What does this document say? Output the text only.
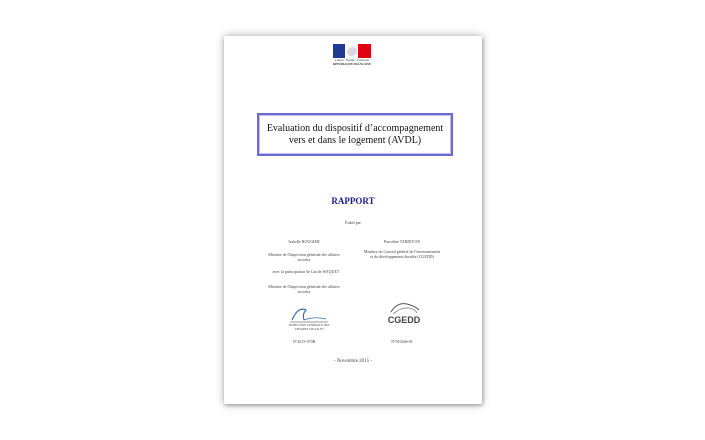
Liberté • Égalité • Fraternité
RÉPUBLIQUE FRANÇAISE
Evaluation du dispositif d’accompagnement
vers et dans le logement (AVDL)
RAPPORT
Établi par
Isabelle ROUGIER	Pascaline TARDIVON
Membre de l'Inspection générale des affaires sociales
Membre du Conseil général de l'environnement et du développement durable (CGEDD)
avec la participation de Carole WAQUET
Membre de l'Inspection générale des affaires sociales
INSPECTION GÉNÉRALE DES AFFAIRES SOCIALES
CGEDD
N°2015-070R	N°010266-01
- Novembre 2015 -
